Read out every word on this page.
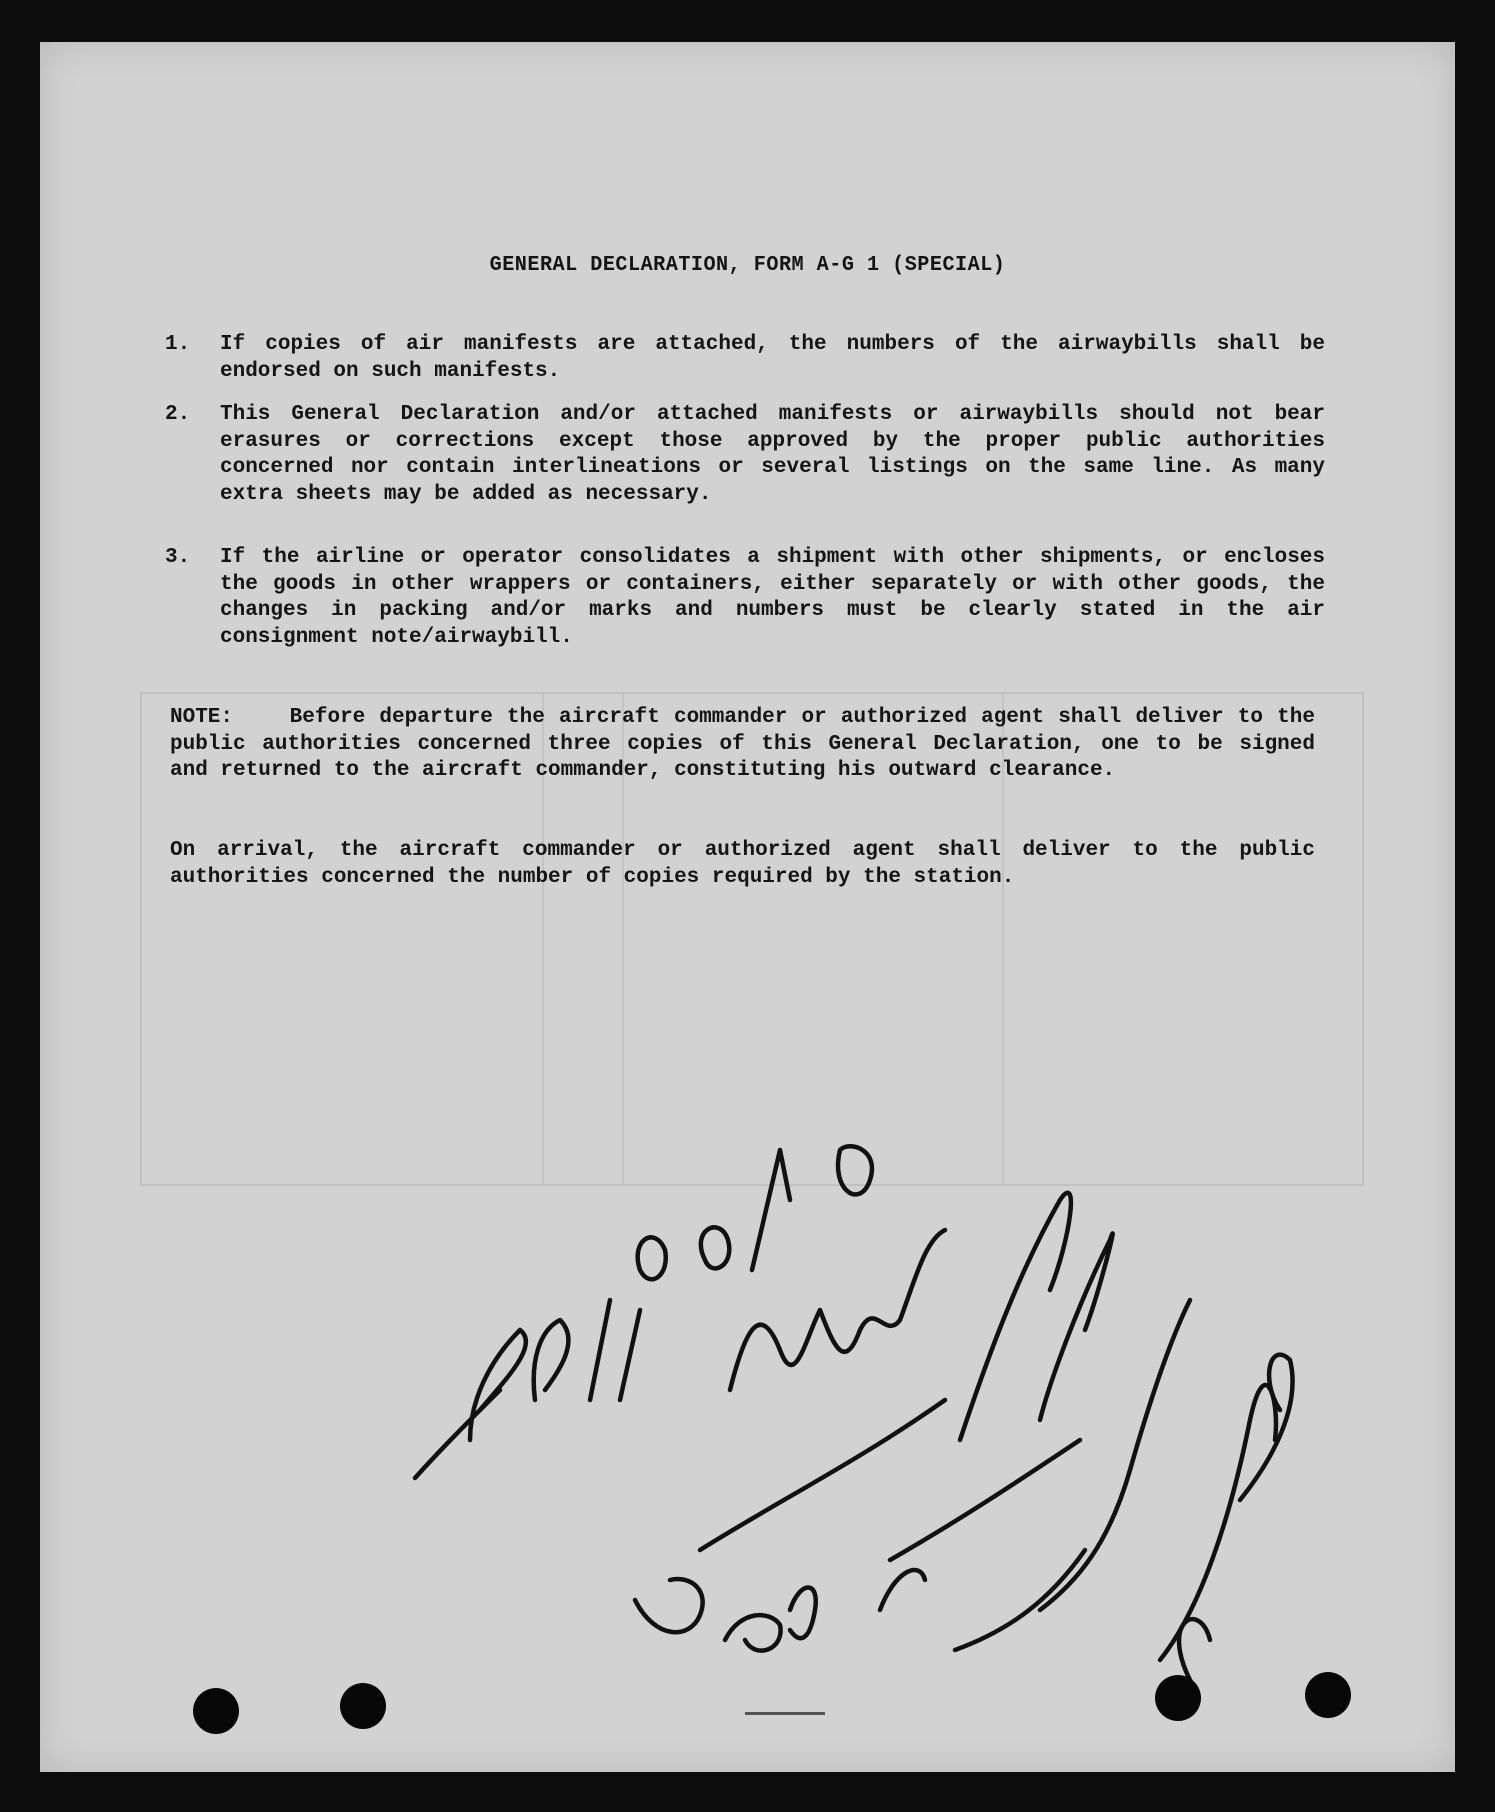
GENERAL DECLARATION, FORM A-G 1 (SPECIAL)
1. If copies of air manifests are attached, the numbers of the airwaybills shall be endorsed on such manifests.
2. This General Declaration and/or attached manifests or airwaybills should not bear erasures or corrections except those approved by the proper public authorities concerned nor contain interlineations or several listings on the same line. As many extra sheets may be added as necessary.
3. If the airline or operator consolidates a shipment with other shipments, or encloses the goods in other wrappers or containers, either separately or with other goods, the changes in packing and/or marks and numbers must be clearly stated in the air consignment note/airwaybill.
NOTE:    Before departure the aircraft commander or authorized agent shall deliver to the public authorities concerned three copies of this General Declaration, one to be signed and returned to the aircraft commander, constituting his outward clearance.
On arrival, the aircraft commander or authorized agent shall deliver to the public authorities concerned the number of copies required by the station.
